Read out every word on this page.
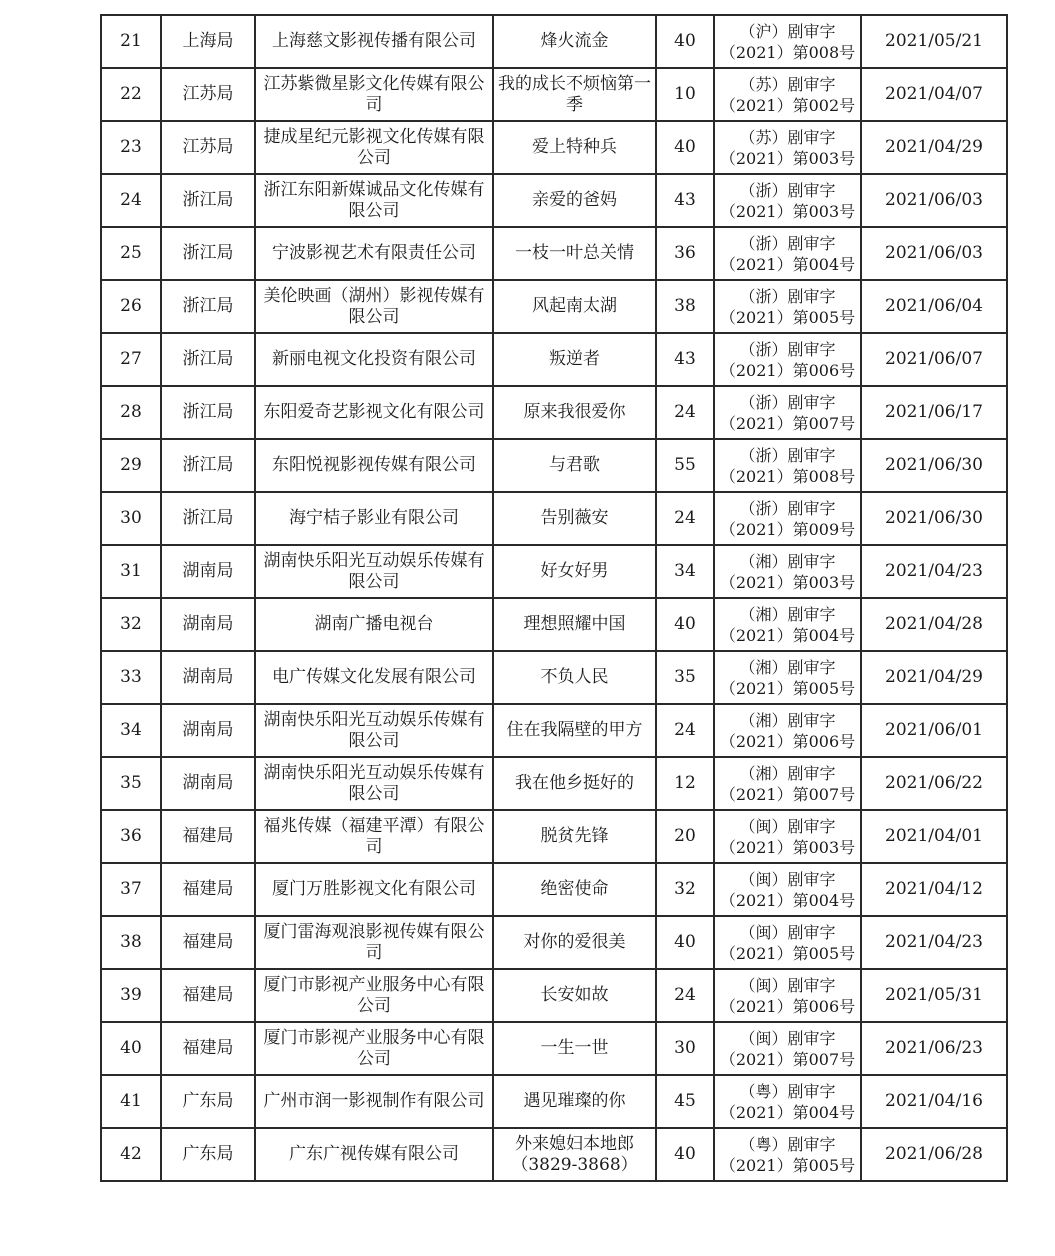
21	上海局	上海慈文影视传播有限公司	烽火流金	40	（沪）剧审字
（2021）第008号	2021/05/21
22	江苏局	江苏紫微星影文化传媒有限公司	我的成长不烦恼第一季	10	（苏）剧审字
（2021）第002号	2021/04/07
23	江苏局	捷成星纪元影视文化传媒有限公司	爱上特种兵	40	（苏）剧审字
（2021）第003号	2021/04/29
24	浙江局	浙江东阳新媒诚品文化传媒有限公司	亲爱的爸妈	43	（浙）剧审字
（2021）第003号	2021/06/03
25	浙江局	宁波影视艺术有限责任公司	一枝一叶总关情	36	（浙）剧审字
（2021）第004号	2021/06/03
26	浙江局	美伦映画（湖州）影视传媒有限公司	风起南太湖	38	（浙）剧审字
（2021）第005号	2021/06/04
27	浙江局	新丽电视文化投资有限公司	叛逆者	43	（浙）剧审字
（2021）第006号	2021/06/07
28	浙江局	东阳爱奇艺影视文化有限公司	原来我很爱你	24	（浙）剧审字
（2021）第007号	2021/06/17
29	浙江局	东阳悦视影视传媒有限公司	与君歌	55	（浙）剧审字
（2021）第008号	2021/06/30
30	浙江局	海宁桔子影业有限公司	告别薇安	24	（浙）剧审字
（2021）第009号	2021/06/30
31	湖南局	湖南快乐阳光互动娱乐传媒有限公司	好女好男	34	（湘）剧审字
（2021）第003号	2021/04/23
32	湖南局	湖南广播电视台	理想照耀中国	40	（湘）剧审字
（2021）第004号	2021/04/28
33	湖南局	电广传媒文化发展有限公司	不负人民	35	（湘）剧审字
（2021）第005号	2021/04/29
34	湖南局	湖南快乐阳光互动娱乐传媒有限公司	住在我隔壁的甲方	24	（湘）剧审字
（2021）第006号	2021/06/01
35	湖南局	湖南快乐阳光互动娱乐传媒有限公司	我在他乡挺好的	12	（湘）剧审字
（2021）第007号	2021/06/22
36	福建局	福兆传媒（福建平潭）有限公司	脱贫先锋	20	（闽）剧审字
（2021）第003号	2021/04/01
37	福建局	厦门万胜影视文化有限公司	绝密使命	32	（闽）剧审字
（2021）第004号	2021/04/12
38	福建局	厦门雷海观浪影视传媒有限公司	对你的爱很美	40	（闽）剧审字
（2021）第005号	2021/04/23
39	福建局	厦门市影视产业服务中心有限公司	长安如故	24	（闽）剧审字
（2021）第006号	2021/05/31
40	福建局	厦门市影视产业服务中心有限公司	一生一世	30	（闽）剧审字
（2021）第007号	2021/06/23
41	广东局	广州市润一影视制作有限公司	遇见璀璨的你	45	（粤）剧审字
（2021）第004号	2021/04/16
42	广东局	广东广视传媒有限公司	外来媳妇本地郎
（3829-3868）	40	（粤）剧审字
（2021）第005号	2021/06/28
